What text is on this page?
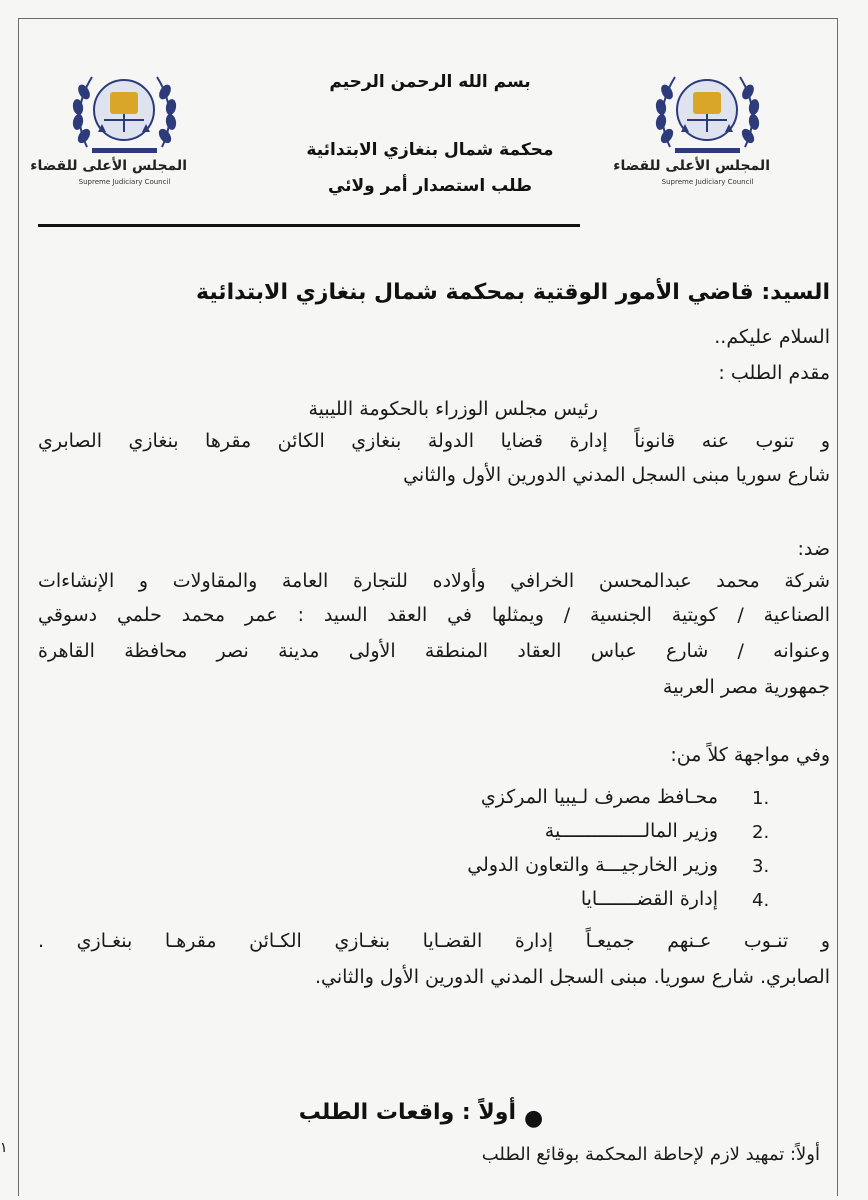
المجلس الأعلى للقضاء
Supreme Judiciary Council
المجلس الأعلى للقضاء
Supreme Judiciary Council
بسم الله الرحمن الرحيم
محكمة شمال بنغازي الابتدائية
طلب استصدار أمر ولائي
السيد: قاضي الأمور الوقتية بمحكمة شمال بنغازي الابتدائية
السلام عليكم..
مقدم الطلب :
رئيس مجلس الوزراء بالحكومة الليبية
و تنوب عنه قانوناً إدارة قضايا الدولة بنغازي الكائن مقرها بنغازي الصابري
شارع سوريا مبنى السجل المدني الدورين الأول والثاني
ضد:
شركة محمد عبدالمحسن الخرافي وأولاده للتجارة العامة والمقاولات و الإنشاءات
الصناعية / كويتية الجنسية / ويمثلها في العقد السيد : عمر محمد حلمي دسوقي
وعنوانه / شارع عباس العقاد المنطقة الأولى مدينة نصر محافظة القاهرة
جمهورية مصر العربية
وفي مواجهة كلاً من:
1.
محـافظ مصرف لـيبيا المركزي
2.
وزير المالـــــــــــــــية
3.
وزير الخارجيـــة والتعاون الدولي
4.
إدارة القضـــــــايا
و تنـوب عـنهم جميعـاً إدارة القضـايا بنغـازي الكـائن مقرهـا بنغـازي .
الصابري. شارع سوريا. مبنى السجل المدني الدورين الأول والثاني.
●
أولاً : واقعات الطلب
أولاً: تمهيد لازم لإحاطة المحكمة بوقائع الطلب
١
